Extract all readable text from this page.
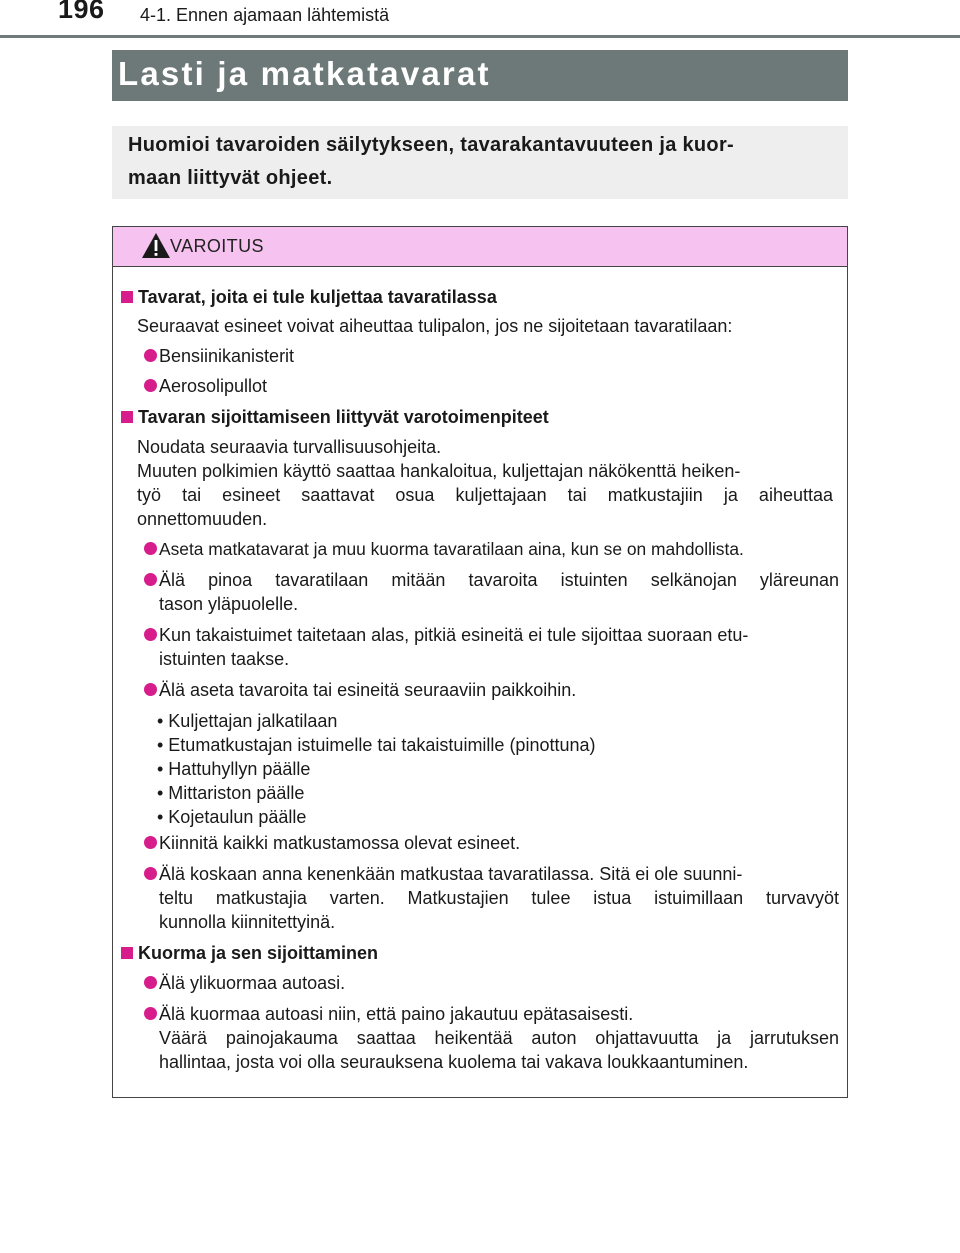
196 4-1. Ennen ajamaan lähtemistä
Lasti ja matkatavarat
Huomioi tavaroiden säilytykseen, tavarakantavuuteen ja kuor-
maan liittyvät ohjeet.
VAROITUS
Tavarat, joita ei tule kuljettaa tavaratilassa
Seuraavat esineet voivat aiheuttaa tulipalon, jos ne sijoitetaan tavaratilaan:
Bensiinikanisterit
Aerosolipullot
Tavaran sijoittamiseen liittyvät varotoimenpiteet
Noudata seuraavia turvallisuusohjeita.
Muuten polkimien käyttö saattaa hankaloitua, kuljettajan näkökenttä heiken-
työ tai esineet saattavat osua kuljettajaan tai matkustajiin ja aiheuttaa
onnettomuuden.
Aseta matkatavarat ja muu kuorma tavaratilaan aina, kun se on mahdollista.
Älä pinoa tavaratilaan mitään tavaroita istuinten selkänojan yläreunan
tason yläpuolelle.
Kun takaistuimet taitetaan alas, pitkiä esineitä ei tule sijoittaa suoraan etu-
istuinten taakse.
Älä aseta tavaroita tai esineitä seuraaviin paikkoihin.
• Kuljettajan jalkatilaan
• Etumatkustajan istuimelle tai takaistuimille (pinottuna)
• Hattuhyllyn päälle
• Mittariston päälle
• Kojetaulun päälle
Kiinnitä kaikki matkustamossa olevat esineet.
Älä koskaan anna kenenkään matkustaa tavaratilassa. Sitä ei ole suunni-
teltu matkustajia varten. Matkustajien tulee istua istuimillaan turvavyöt
kunnolla kiinnitettyinä.
Kuorma ja sen sijoittaminen
Älä ylikuormaa autoasi.
Älä kuormaa autoasi niin, että paino jakautuu epätasaisesti.
Väärä painojakauma saattaa heikentää auton ohjattavuutta ja jarrutuksen
hallintaa, josta voi olla seurauksena kuolema tai vakava loukkaantuminen.
